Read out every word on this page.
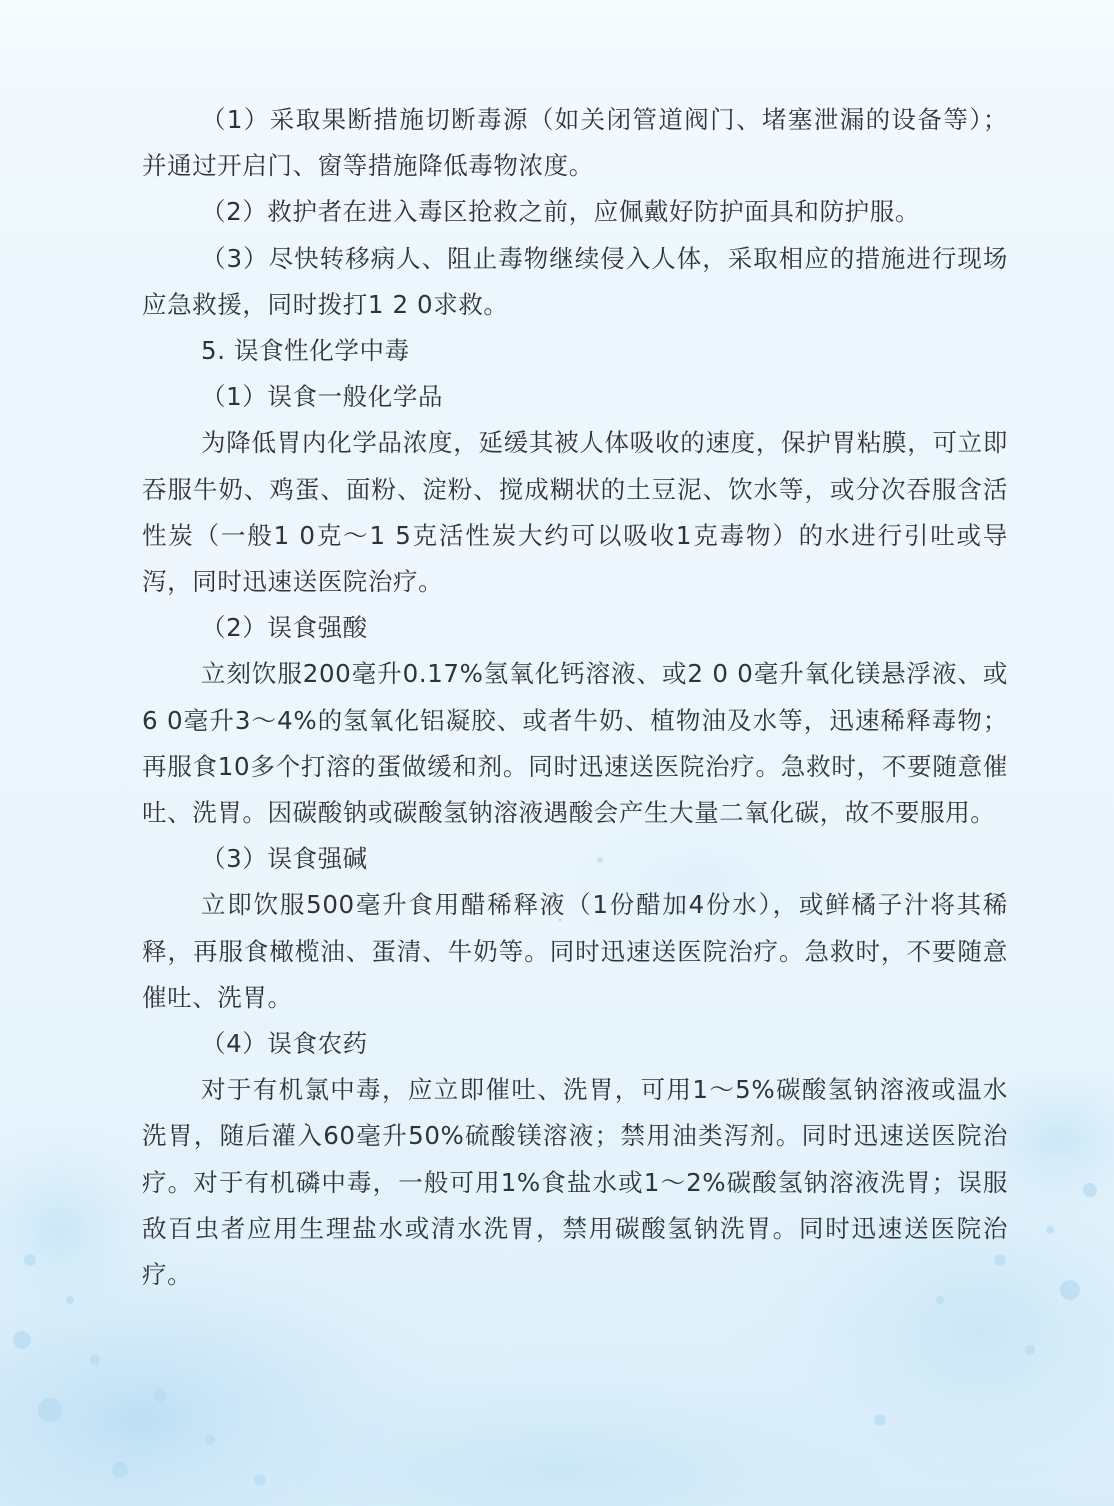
（1）采取果断措施切断毒源（如关闭管道阀门、堵塞泄漏的设备等）；并通过开启门、窗等措施降低毒物浓度。

（2）救护者在进入毒区抢救之前，应佩戴好防护面具和防护服。

（3）尽快转移病人、阻止毒物继续侵入人体，采取相应的措施进行现场应急救援，同时拨打1 2 0求救。

5. 误食性化学中毒

（1）误食一般化学品

为降低胃内化学品浓度，延缓其被人体吸收的速度，保护胃粘膜，可立即吞服牛奶、鸡蛋、面粉、淀粉、搅成糊状的土豆泥、饮水等，或分次吞服含活性炭（一般1 0克～1 5克活性炭大约可以吸收1克毒物）的水进行引吐或导泻，同时迅速送医院治疗。

（2）误食强酸

立刻饮服200毫升0.17%氢氧化钙溶液、或2 0 0毫升氧化镁悬浮液、或6 0毫升3～4%的氢氧化铝凝胶、或者牛奶、植物油及水等，迅速稀释毒物；再服食10多个打溶的蛋做缓和剂。同时迅速送医院治疗。急救时，不要随意催吐、洗胃。因碳酸钠或碳酸氢钠溶液遇酸会产生大量二氧化碳，故不要服用。

（3）误食强碱

立即饮服500毫升食用醋稀释液（1份醋加4份水），或鲜橘子汁将其稀释，再服食橄榄油、蛋清、牛奶等。同时迅速送医院治疗。急救时，不要随意催吐、洗胃。

（4）误食农药

对于有机氯中毒，应立即催吐、洗胃，可用1～5%碳酸氢钠溶液或温水洗胃，随后灌入60毫升50%硫酸镁溶液；禁用油类泻剂。同时迅速送医院治疗。对于有机磷中毒，一般可用1%食盐水或1～2%碳酸氢钠溶液洗胃；误服敌百虫者应用生理盐水或清水洗胃，禁用碳酸氢钠洗胃。同时迅速送医院治疗。
